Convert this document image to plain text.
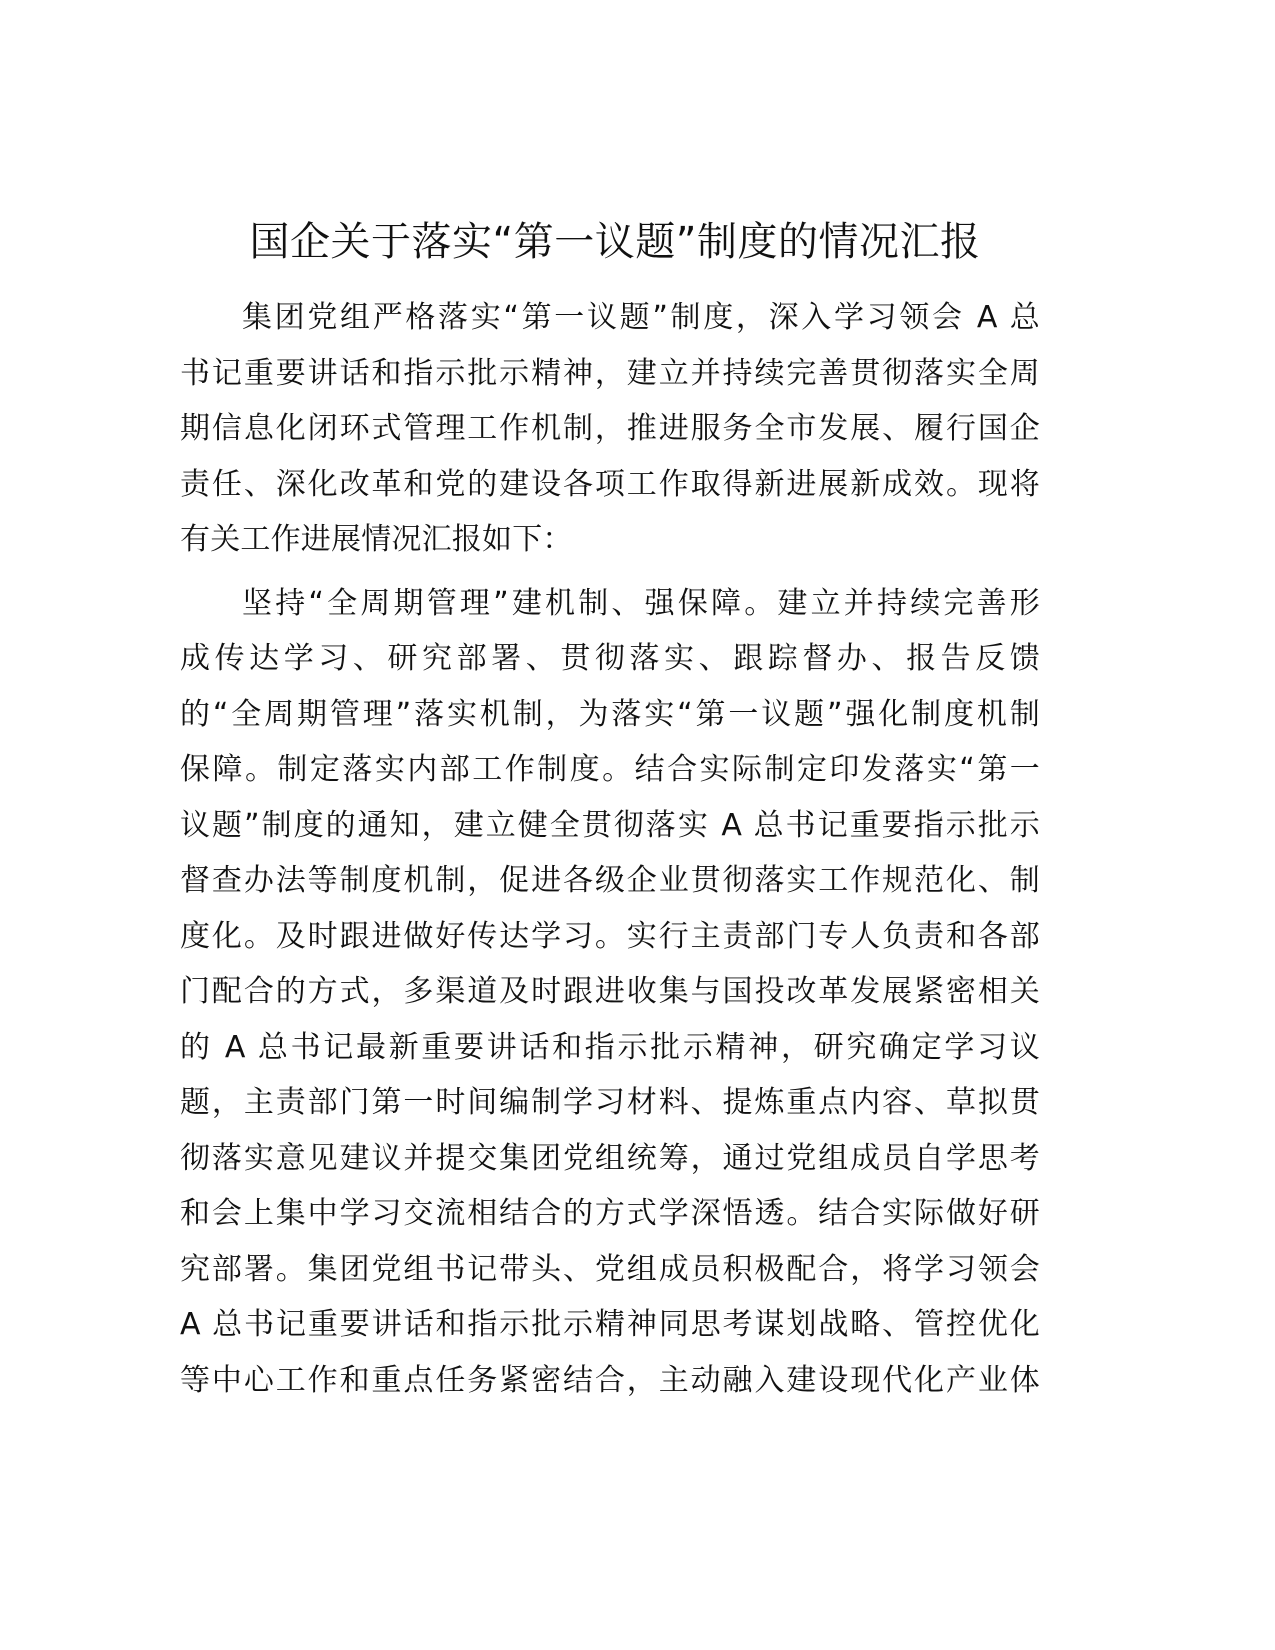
国企关于落实“第一议题”制度的情况汇报

集团党组严格落实“第一议题”制度，深入学习领会 A 总
书记重要讲话和指示批示精神，建立并持续完善贯彻落实全周
期信息化闭环式管理工作机制，推进服务全市发展、履行国企
责任、深化改革和党的建设各项工作取得新进展新成效。现将
有关工作进展情况汇报如下：

坚持“全周期管理”建机制、强保障。建立并持续完善形
成传达学习、研究部署、贯彻落实、跟踪督办、报告反馈
的“全周期管理”落实机制，为落实“第一议题”强化制度机制
保障。制定落实内部工作制度。结合实际制定印发落实“第一
议题”制度的通知，建立健全贯彻落实 A 总书记重要指示批示
督查办法等制度机制，促进各级企业贯彻落实工作规范化、制
度化。及时跟进做好传达学习。实行主责部门专人负责和各部
门配合的方式，多渠道及时跟进收集与国投改革发展紧密相关
的 A 总书记最新重要讲话和指示批示精神，研究确定学习议
题，主责部门第一时间编制学习材料、提炼重点内容、草拟贯
彻落实意见建议并提交集团党组统筹，通过党组成员自学思考
和会上集中学习交流相结合的方式学深悟透。结合实际做好研
究部署。集团党组书记带头、党组成员积极配合，将学习领会
A 总书记重要讲话和指示批示精神同思考谋划战略、管控优化
等中心工作和重点任务紧密结合，主动融入建设现代化产业体
